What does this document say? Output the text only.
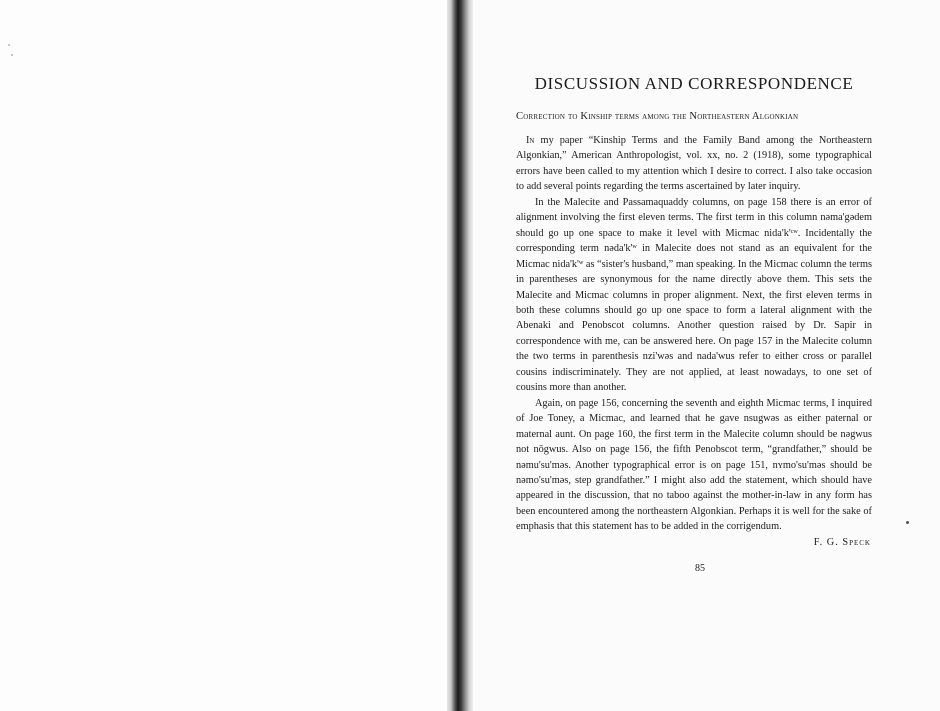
DISCUSSION AND CORRESPONDENCE
Correction to Kinship terms among the Northeastern Algonkian

In my paper “Kinship Terms and the Family Band among the Northeastern Algonkian,” American Anthropologist, vol. xx, no. 2 (1918), some typographical errors have been called to my attention which I desire to correct. I also take occasion to add several points regarding the terms ascertained by later inquiry.

In the Malecite and Passamaquaddy columns, on page 158 there is an error of alignment involving the first eleven terms. The first term in this column nəma'gədem should go up one space to make it level with Micmac nida'k'ᶜʷ. Incidentally the corresponding term nəda'k'ʷ in Malecite does not stand as an equivalent for the Micmac nida'k'ʷ as “sister's husband,” man speaking. In the Micmac column the terms in parentheses are synonymous for the name directly above them. This sets the Malecite and Micmac columns in proper alignment. Next, the first eleven terms in both these columns should go up one space to form a lateral alignment with the Abenaki and Penobscot columns. Another question raised by Dr. Sapir in correspondence with me, can be answered here. On page 157 in the Malecite column the two terms in parenthesis nzi'wəs and nada'wus refer to either cross or parallel cousins indiscriminately. They are not applied, at least nowadays, to one set of cousins more than another.

Again, on page 156, concerning the seventh and eighth Micmac terms, I inquired of Joe Toney, a Micmac, and learned that he gave nsugwəs as either paternal or maternal aunt. On page 160, the first term in the Malecite column should be nəgwus not nōgwus. Also on page 156, the fifth Penobscot term, “grandfather,” should be nəmu'su'məs. Another typographical error is on page 151, nʏmo'su'məs should be nəmo'su'məs, step grandfather.” I might also add the statement, which should have appeared in the discussion, that no taboo against the mother-in-law in any form has been encountered among the northeastern Algonkian. Perhaps it is well for the sake of emphasis that this statement has to be added in the corrigendum.

F. G. Speck
85
